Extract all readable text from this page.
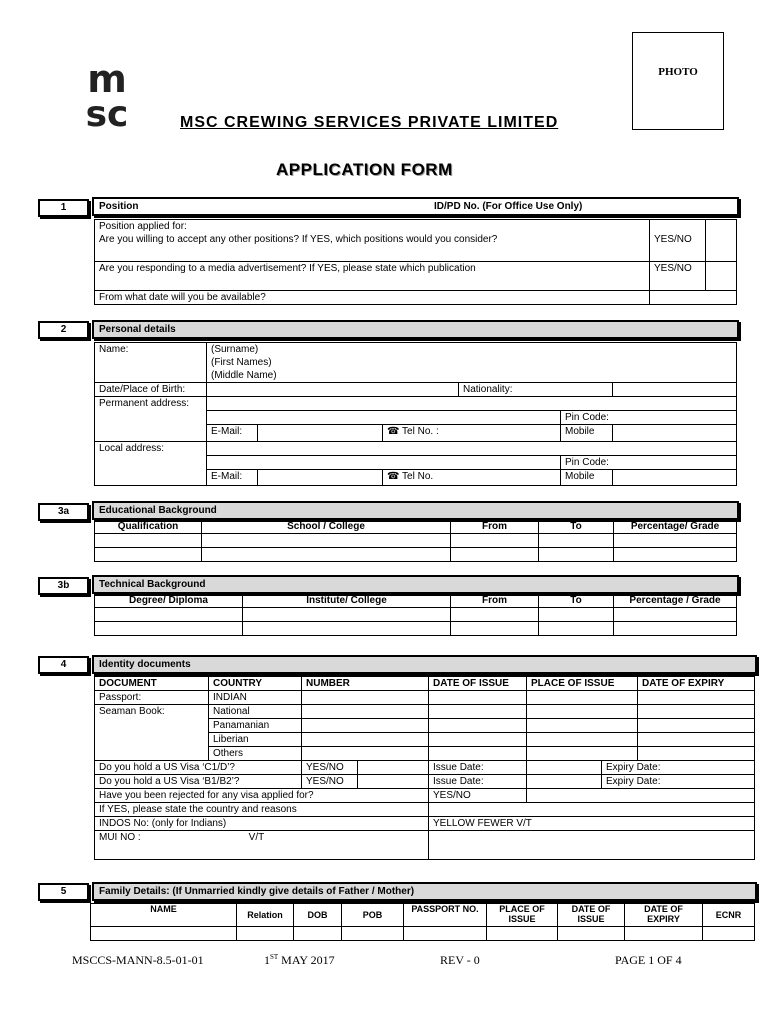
m
sc	MSC CREWING SERVICES PRIVATE LIMITED
APPLICATION FORM
PHOTO
1	Position	ID/PD No. (For Office Use Only)
Position applied for:		
Are you willing to accept any other positions? If YES, which positions would you consider?	YES/NO	
Are you responding to a media advertisement? If YES, please state which publication	YES/NO	
From what date will you be available?		
2	Personal details
Name:	(Surname)					
	(First Names)					
	(Middle Name)					
Date/Place of Birth:				Nationality:		
Permanent address:						
					Pin Code:	
	E-Mail:		☎ Tel No. :		Mobile	
Local address:						
					Pin Code:	
	E-Mail:		☎ Tel No.		Mobile	
3a	Educational Background
Qualification	School / College	From	To	Percentage/ Grade

3b	Technical Background
Degree/ Diploma	Institute/ College	From	To	Percentage / Grade

4	Identity documents
DOCUMENT	COUNTRY	NUMBER		DATE OF ISSUE	PLACE OF ISSUE		DATE OF EXPIRY
Passport:	INDIAN						
Seaman Book:	National						
	Panamanian						
	Liberian						
	Others						
Do you hold a US Visa ‘C1/D’?		YES/NO		Issue Date:		Expiry Date:	
Do you hold a US Visa ‘B1/B2’?		YES/NO		Issue Date:		Expiry Date:	
Have you been rejected for any visa applied for?				YES/NO			
If YES, please state the country and reasons							
INDOS No: (only for Indians)				YELLOW FEWER V/T			
MUI NO : V/T							
5	Family Details: (If Unmarried kindly give details of Father / Mother)
NAME	Relation	DOB	POB	PASSPORT NO.	PLACE OF ISSUE	DATE OF ISSUE	DATE OF EXPIRY	ECNR

MSCCS-MANN-8.5-01-01	1ST MAY 2017	REV - 0	PAGE 1 OF 4
